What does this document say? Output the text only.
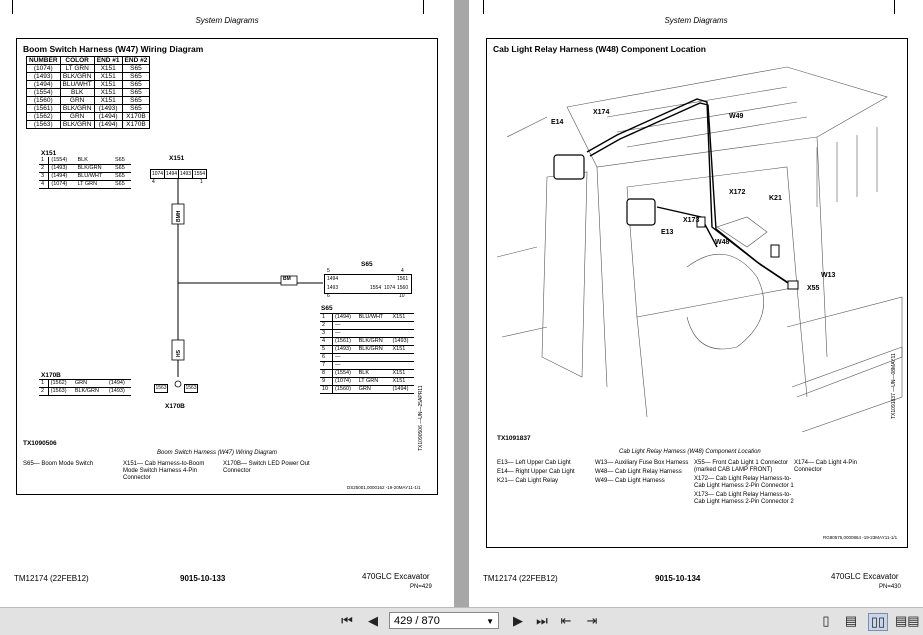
System Diagrams
Boom Switch Harness (W47) Wiring Diagram
NUMBER	COLOR	END #1	END #2
(1074)	LT GRN	X151	S65
(1493)	BLK/GRN	X151	S65
(1494)	BLU/WHT	X151	S65
(1554)	BLK	X151	S65
(1560)	GRN	X151	S65
(1561)	BLK/GRN	(1493)	S65
(1562)	GRN	(1494)	X170B
(1563)	BLK/GRN	(1494)	X170B
X151
1	(1554)	BLK	S65
2	(1493)	BLK/GRN	S65
3	(1494)	BLU/WHT	S65
4	(1074)	LT GRN	S65
X151
1074 1494 1493 1554
4	1
BMH
BM
HS
S65
5	4
1494	1561
1493	1554 1074 1560
6	10
S65
1	(1494)	BLU/WHT	X151
2	—		
3	—		
4	(1561)	BLK/GRN	(1493)
5	(1493)	BLK/GRN	X151
6	—		
7	—		
8	(1554)	BLK	X151
9	(1074)	LT GRN	X151
10	(1560)	GRN	(1494)
X170B
1	(1562)	GRN	(1494)
2	(1563)	BLK/GRN	(1493)	1563	1563
X170B	TX1090506 —UN—25APR11
TX1090506
Boom Switch Harness (W47) Wiring Diagram
S65— Boom Mode Switch	X151— Cab Harness-to-Boom Mode Switch Harness 4-Pin Connector
X170B— Switch LED Power Out Connector
DS25001,0000162 -19-20MAY11-1/1
TM12174 (22FEB12)	9015-10-133	470GLC Excavator
PN=429
System Diagrams
Cab Light Relay Harness (W48) Component Location
X174
W49
E14
X172
K21
E13
X173
W48
W13
X55
TX1091837 —UN—08MAY11
TX1091837
Cab Light Relay Harness (W48) Component Location
E13— Left Upper Cab Light
E14— Right Upper Cab Light
K21— Cab Light Relay
W13— Auxiliary Fuse Box Harness
W48— Cab Light Relay Harness
W49— Cab Light Harness
X55— Front Cab Light 1 Connector (marked CAB LAMP FRONT)
X172— Cab Light Relay Harness-to-Cab Light Harness 2-Pin Connector 1
X173— Cab Light Relay Harness-to-Cab Light Harness 2-Pin Connector 2
X174— Cab Light 4-Pin Connector
RG80575,0000864 -19-23MAY11-1/1
TM12174 (22FEB12)	9015-10-134	470GLC Excavator
PN=430
⏮ ◀	429 / 870	▼ ▶ ⏭ ⇤ ⇥	▯	▤ ▯▯ ▤▤
